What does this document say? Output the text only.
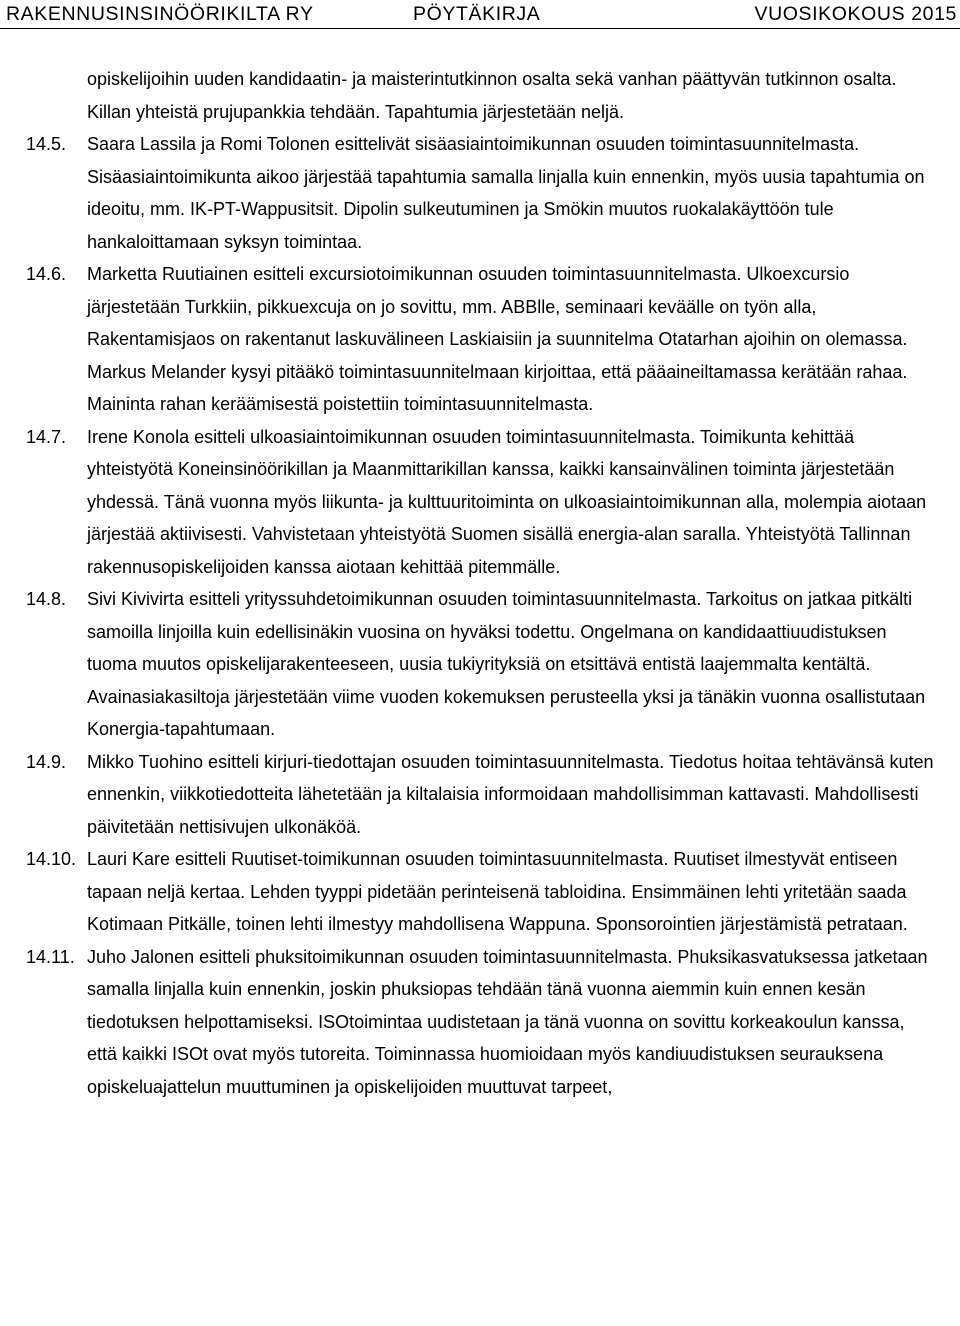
RAKENNUSINSINÖÖRIKILTA RY	PÖYTÄKIRJA	VUOSIKOKOUS 2015
opiskelijoihin uuden kandidaatin- ja maisterintutkinnon osalta sekä vanhan päättyvän tutkinnon osalta. Killan yhteistä prujupankkia tehdään. Tapahtumia järjestetään neljä.
14.5. Saara Lassila ja Romi Tolonen esittelivät sisäasiaintoimikunnan osuuden toimintasuunnitelmasta. Sisäasiaintoimikunta aikoo järjestää tapahtumia samalla linjalla kuin ennenkin, myös uusia tapahtumia on ideoitu, mm. IK-PT-Wappusitsit. Dipolin sulkeutuminen ja Smökin muutos ruokalakäyttöön tule hankaloittamaan syksyn toimintaa.
14.6. Marketta Ruutiainen esitteli excursiotoimikunnan osuuden toimintasuunnitelmasta. Ulkoexcursio järjestetään Turkkiin, pikkuexcuja on jo sovittu, mm. ABBlle, seminaari keväälle on työn alla, Rakentamisjaos on rakentanut laskuvälineen Laskiaisiin ja suunnitelma Otatarhan ajoihin on olemassa. Markus Melander kysyi pitääkö toimintasuunnitelmaan kirjoittaa, että pääaineiltamassa kerätään rahaa. Maininta rahan keräämisestä poistettiin toimintasuunnitelmasta.
14.7. Irene Konola esitteli ulkoasiaintoimikunnan osuuden toimintasuunnitelmasta. Toimikunta kehittää yhteistyötä Koneinsinöörikillan ja Maanmittarikillan kanssa, kaikki kansainvälinen toiminta järjestetään yhdessä. Tänä vuonna myös liikunta- ja kulttuuritoiminta on ulkoasiaintoimikunnan alla, molempia aiotaan järjestää aktiivisesti. Vahvistetaan yhteistyötä Suomen sisällä energia-alan saralla. Yhteistyötä Tallinnan rakennusopiskelijoiden kanssa aiotaan kehittää pitemmälle.
14.8. Sivi Kivivirta esitteli yrityssuhdetoimikunnan osuuden toimintasuunnitelmasta. Tarkoitus on jatkaa pitkälti samoilla linjoilla kuin edellisinäkin vuosina on hyväksi todettu. Ongelmana on kandidaattiuudistuksen tuoma muutos opiskelijarakenteeseen, uusia tukiyrityksiä on etsittävä entistä laajemmalta kentältä. Avainasiakasiltoja järjestetään viime vuoden kokemuksen perusteella yksi ja tänäkin vuonna osallistutaan Konergia-tapahtumaan.
14.9. Mikko Tuohino esitteli kirjuri-tiedottajan osuuden toimintasuunnitelmasta. Tiedotus hoitaa tehtävänsä kuten ennenkin, viikkotiedotteita lähetetään ja kiltalaisia informoidaan mahdollisimman kattavasti. Mahdollisesti päivitetään nettisivujen ulkonäköä.
14.10. Lauri Kare esitteli Ruutiset-toimikunnan osuuden toimintasuunnitelmasta. Ruutiset ilmestyvät entiseen tapaan neljä kertaa. Lehden tyyppi pidetään perinteisenä tabloidina. Ensimmäinen lehti yritetään saada Kotimaan Pitkälle, toinen lehti ilmestyy mahdollisena Wappuna. Sponsorointien järjestämistä petrataan.
14.11. Juho Jalonen esitteli phuksitoimikunnan osuuden toimintasuunnitelmasta. Phuksikasvatuksessa jatketaan samalla linjalla kuin ennenkin, joskin phuksiopas tehdään tänä vuonna aiemmin kuin ennen kesän tiedotuksen helpottamiseksi. ISOtoimintaa uudistetaan ja tänä vuonna on sovittu korkeakoulun kanssa, että kaikki ISOt ovat myös tutoreita. Toiminnassa huomioidaan myös kandiuudistuksen seurauksena opiskeluajattelun muuttuminen ja opiskelijoiden muuttuvat tarpeet,
